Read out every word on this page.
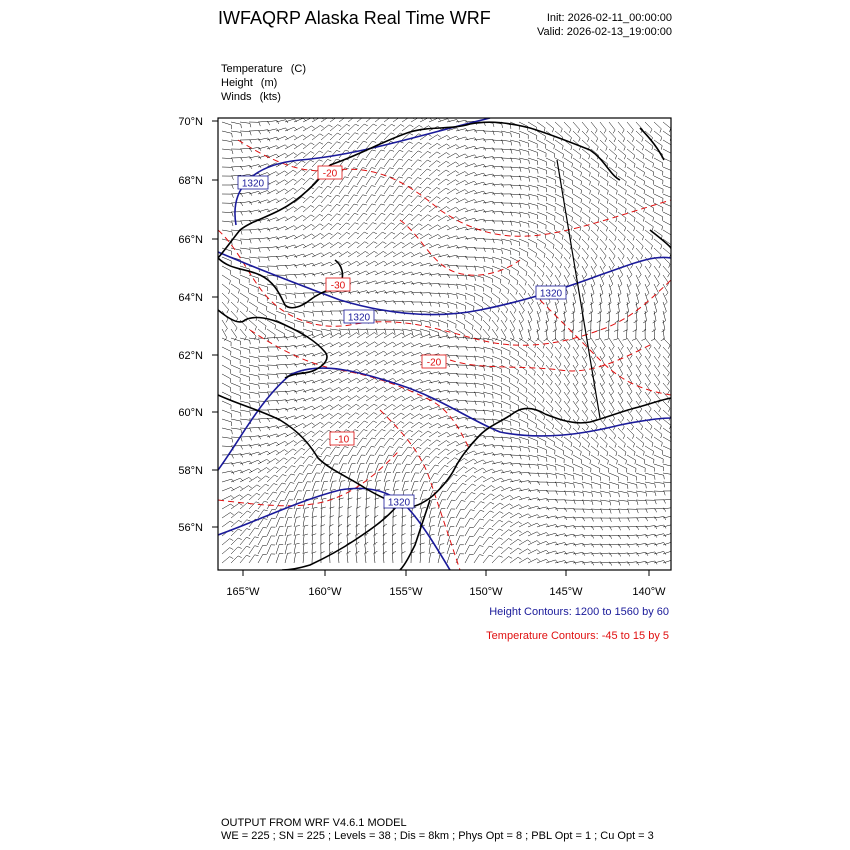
IWFAQRP Alaska Real Time WRF	Init: 2026-02-11_00:00:00
Valid: 2026-02-13_19:00:00
Temperature (C)
Height (m)
Winds (kts)
1320
1320
1320
1320
-20
-30
-20
-10
70°N
68°N
66°N
64°N
62°N
60°N
58°N
56°N
165°W	160°W	155°W	150°W	145°W	140°W
Height Contours: 1200 to 1560 by 60
Temperature Contours: -45 to 15 by 5
OUTPUT FROM WRF V4.6.1 MODEL
WE = 225 ; SN = 225 ; Levels = 38 ; Dis = 8km ; Phys Opt = 8 ; PBL Opt = 1 ; Cu Opt = 3
